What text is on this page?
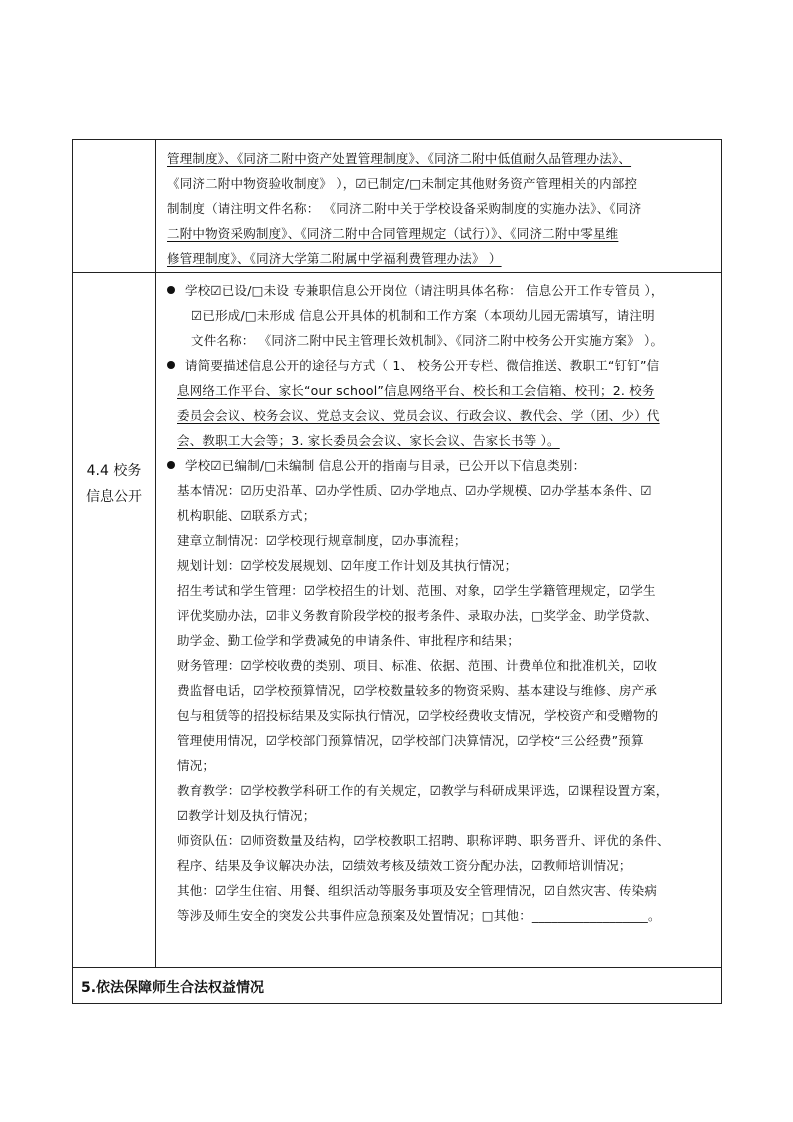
管理制度》、《同济二附中资产处置管理制度》、《同济二附中低值耐久品管理办法》、
《同济二附中物资验收制度》 ），☑已制定/□未制定其他财务资产管理相关的内部控
制制度（请注明文件名称： 《同济二附中关于学校设备采购制度的实施办法》、《同济
二附中物资采购制度》、《同济二附中合同管理规定（试行）》、《同济二附中零星维
修管理制度》、《同济大学第二附属中学福利费管理办法》 ）
4.4 校务
信息公开
学校☑已设/□未设 专兼职信息公开岗位（请注明具体名称： 信息公开工作专管员 ），
☑已形成/□未形成 信息公开具体的机制和工作方案（本项幼儿园无需填写，请注明
文件名称： 《同济二附中民主管理长效机制》、《同济二附中校务公开实施方案》 ）。
请简要描述信息公开的途径与方式（ 1、 校务公开专栏、微信推送、教职工“钉钉”信
息网络工作平台、家长“our school”信息网络平台、校长和工会信箱、校刊；2. 校务
委员会会议、校务会议、党总支会议、党员会议、行政会议、教代会、学（团、少）代
会、教职工大会等；3. 家长委员会会议、家长会议、告家长书等 ）。
学校☑已编制/□未编制 信息公开的指南与目录，已公开以下信息类别：
基本情况：☑历史沿革、☑办学性质、☑办学地点、☑办学规模、☑办学基本条件、☑
机构职能、☑联系方式；
建章立制情况：☑学校现行规章制度，☑办事流程；
规划计划：☑学校发展规划、☑年度工作计划及其执行情况；
招生考试和学生管理：☑学校招生的计划、范围、对象，☑学生学籍管理规定，☑学生
评优奖励办法，☑非义务教育阶段学校的报考条件、录取办法，□奖学金、助学贷款、
助学金、勤工俭学和学费减免的申请条件、审批程序和结果；
财务管理：☑学校收费的类别、项目、标准、依据、范围、计费单位和批准机关，☑收
费监督电话，☑学校预算情况，☑学校数量较多的物资采购、基本建设与维修、房产承
包与租赁等的招投标结果及实际执行情况，☑学校经费收支情况，学校资产和受赠物的
管理使用情况，☑学校部门预算情况，☑学校部门决算情况，☑学校“三公经费”预算
情况；
教育教学：☑学校教学科研工作的有关规定，☑教学与科研成果评选，☑课程设置方案，
☑教学计划及执行情况；
师资队伍：☑师资数量及结构，☑学校教职工招聘、职称评聘、职务晋升、评优的条件、
程序、结果及争议解决办法，☑绩效考核及绩效工资分配办法，☑教师培训情况；
其他：☑学生住宿、用餐、组织活动等服务事项及安全管理情况，☑自然灾害、传染病
等涉及师生安全的突发公共事件应急预案及处置情况；□其他：__________________。
5.依法保障师生合法权益情况
